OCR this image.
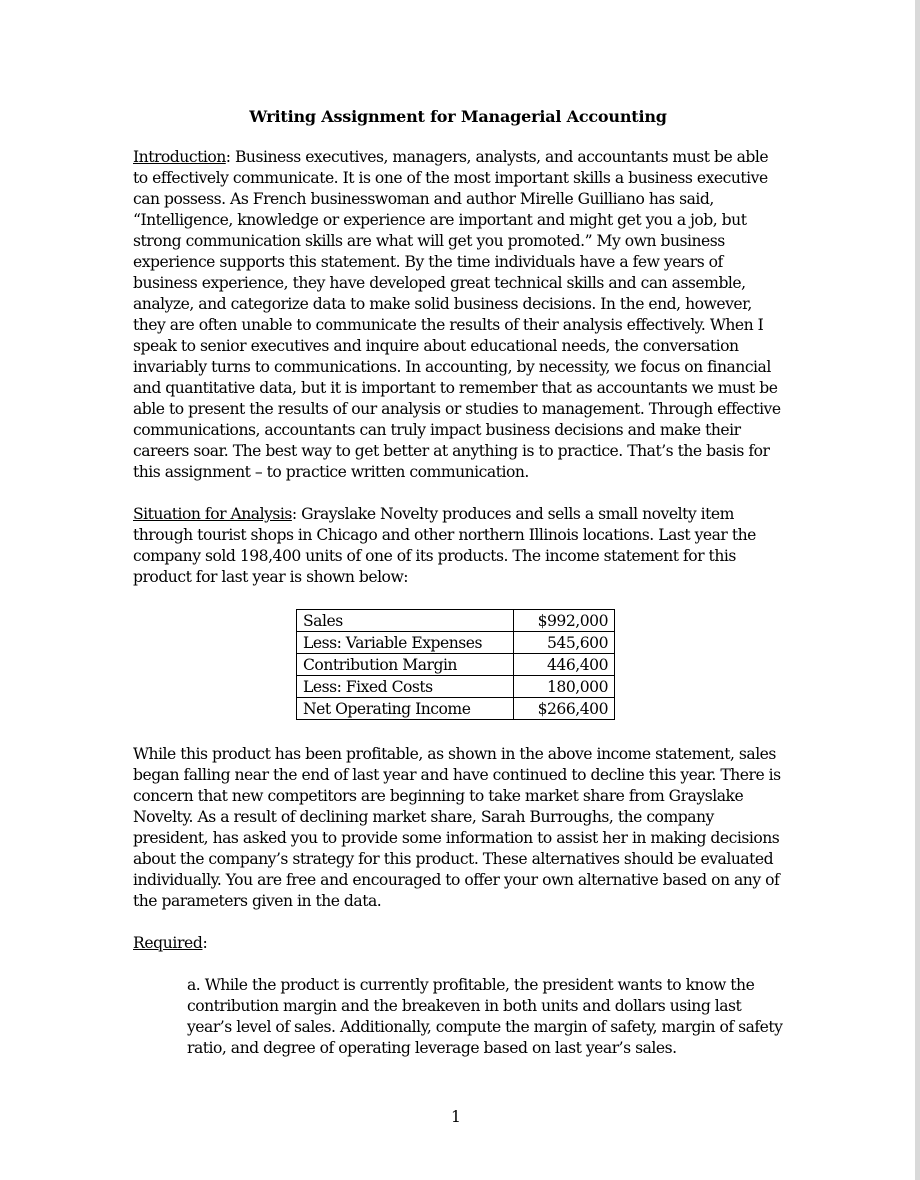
Writing Assignment for Managerial Accounting

Introduction: Business executives, managers, analysts, and accountants must be able to effectively communicate. It is one of the most important skills a business executive can possess. As French businesswoman and author Mirelle Guilliano has said, “Intelligence, knowledge or experience are important and might get you a job, but strong communication skills are what will get you promoted.” My own business experience supports this statement. By the time individuals have a few years of business experience, they have developed great technical skills and can assemble, analyze, and categorize data to make solid business decisions. In the end, however, they are often unable to communicate the results of their analysis effectively. When I speak to senior executives and inquire about educational needs, the conversation invariably turns to communications. In accounting, by necessity, we focus on financial and quantitative data, but it is important to remember that as accountants we must be able to present the results of our analysis or studies to management. Through effective communications, accountants can truly impact business decisions and make their careers soar. The best way to get better at anything is to practice. That’s the basis for this assignment – to practice written communication.

Situation for Analysis: Grayslake Novelty produces and sells a small novelty item through tourist shops in Chicago and other northern Illinois locations. Last year the company sold 198,400 units of one of its products. The income statement for this product for last year is shown below:

Sales	$992,000
Less: Variable Expenses	545,600
Contribution Margin	446,400
Less: Fixed Costs	180,000
Net Operating Income	$266,400

While this product has been profitable, as shown in the above income statement, sales began falling near the end of last year and have continued to decline this year. There is concern that new competitors are beginning to take market share from Grayslake Novelty. As a result of declining market share, Sarah Burroughs, the company president, has asked you to provide some information to assist her in making decisions about the company’s strategy for this product. These alternatives should be evaluated individually. You are free and encouraged to offer your own alternative based on any of the parameters given in the data.

Required:

a. While the product is currently profitable, the president wants to know the contribution margin and the breakeven in both units and dollars using last year’s level of sales. Additionally, compute the margin of safety, margin of safety ratio, and degree of operating leverage based on last year’s sales.

1
